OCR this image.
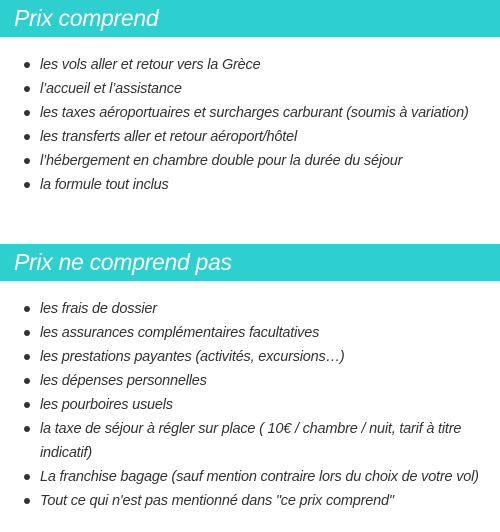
Prix comprend
les vols aller et retour vers la Grèce
l’accueil et l’assistance
les taxes aéroportuaires et surcharges carburant (soumis à variation)
les transferts aller et retour aéroport/hôtel
l’hébergement en chambre double pour la durée du séjour
la formule tout inclus
Prix ne comprend pas
les frais de dossier
les assurances complémentaires facultatives
les prestations payantes (activités, excursions…)
les dépenses personnelles
les pourboires usuels
la taxe de séjour à régler sur place ( 10€ / chambre / nuit, tarif à titre indicatif)
La franchise bagage (sauf mention contraire lors du choix de votre vol)
Tout ce qui n'est pas mentionné dans "ce prix comprend"
